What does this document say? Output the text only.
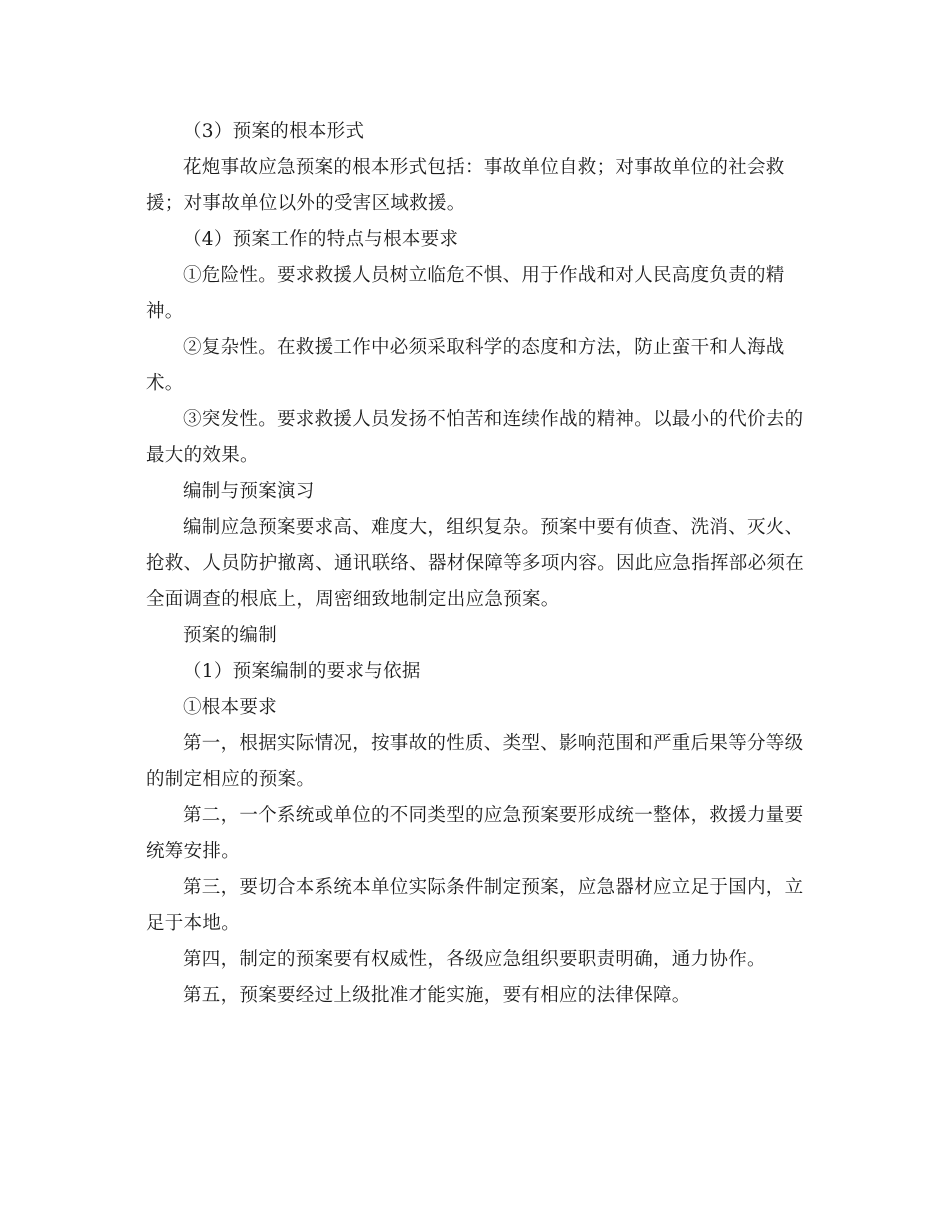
（3）预案的根本形式

花炮事故应急预案的根本形式包括：事故单位自救；对事故单位的社会救援；对事故单位以外的受害区域救援。

（4）预案工作的特点与根本要求

①危险性。要求救援人员树立临危不惧、用于作战和对人民高度负责的精神。

②复杂性。在救援工作中必须采取科学的态度和方法，防止蛮干和人海战术。

③突发性。要求救援人员发扬不怕苦和连续作战的精神。以最小的代价去的最大的效果。

编制与预案演习

编制应急预案要求高、难度大，组织复杂。预案中要有侦查、洗消、灭火、抢救、人员防护撤离、通讯联络、器材保障等多项内容。因此应急指挥部必须在全面调查的根底上，周密细致地制定出应急预案。

预案的编制

（1）预案编制的要求与依据

①根本要求

第一，根据实际情况，按事故的性质、类型、影响范围和严重后果等分等级的制定相应的预案。

第二，一个系统或单位的不同类型的应急预案要形成统一整体，救援力量要统筹安排。

第三，要切合本系统本单位实际条件制定预案，应急器材应立足于国内，立足于本地。

第四，制定的预案要有权威性，各级应急组织要职责明确，通力协作。

第五，预案要经过上级批准才能实施，要有相应的法律保障。
